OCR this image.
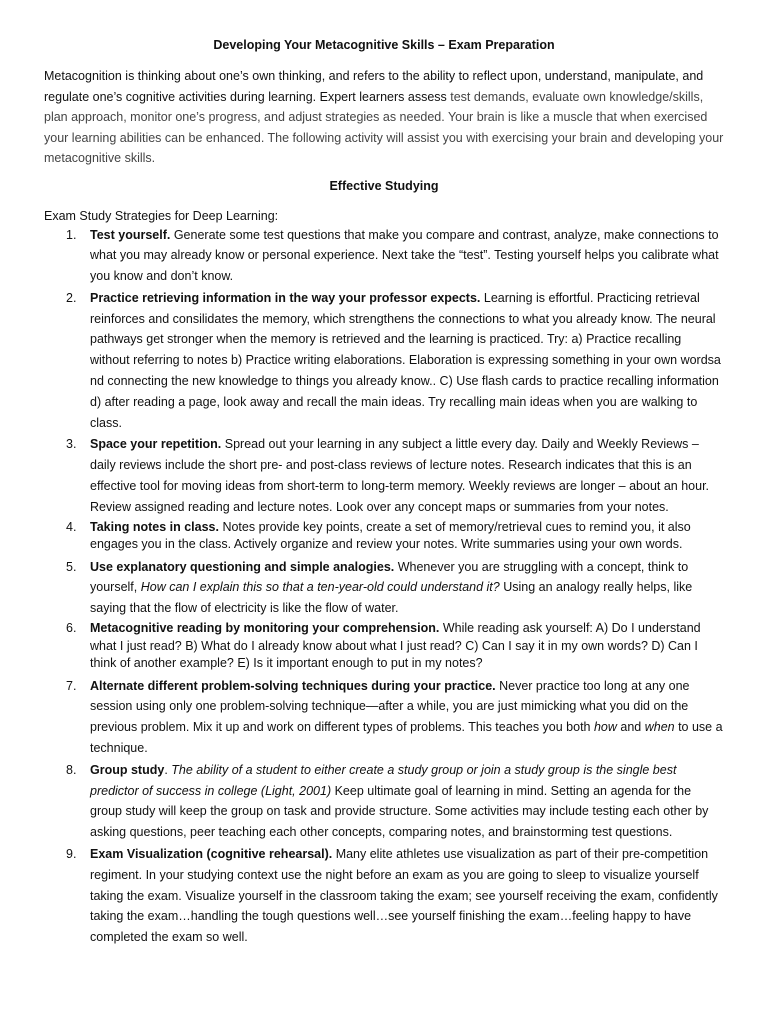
Developing Your Metacognitive Skills – Exam Preparation

Metacognition is thinking about one’s own thinking, and refers to the ability to reflect upon, understand, manipulate, and regulate one’s cognitive activities during learning. Expert learners assess test demands, evaluate own knowledge/skills, plan approach, monitor one’s progress, and adjust strategies as needed. Your brain is like a muscle that when exercised your learning abilities can be enhanced. The following activity will assist you with exercising your brain and developing your metacognitive skills.

Effective Studying
Exam Study Strategies for Deep Learning:
1. Test yourself. Generate some test questions that make you compare and contrast, analyze, make connections to what you may already know or personal experience. Next take the “test”. Testing yourself helps you calibrate what you know and don’t know.
2. Practice retrieving information in the way your professor expects. Learning is effortful. Practicing retrieval reinforces and consilidates the memory, which strengthens the connections to what you already know. The neural pathways get stronger when the memory is retrieved and the learning is practiced. Try: a) Practice recalling without referring to notes b) Practice writing elaborations. Elaboration is expressing something in your own wordsa nd connecting the new knowledge to things you already know.. C) Use flash cards to practice recalling information d) after reading a page, look away and recall the main ideas. Try recalling main ideas when you are walking to class.
3. Space your repetition. Spread out your learning in any subject a little every day. Daily and Weekly Reviews – daily reviews include the short pre- and post-class reviews of lecture notes. Research indicates that this is an effective tool for moving ideas from short-term to long-term memory. Weekly reviews are longer – about an hour. Review assigned reading and lecture notes. Look over any concept maps or summaries from your notes.
4. Taking notes in class. Notes provide key points, create a set of memory/retrieval cues to remind you, it also engages you in the class. Actively organize and review your notes. Write summaries using your own words.
5. Use explanatory questioning and simple analogies. Whenever you are struggling with a concept, think to yourself, How can I explain this so that a ten-year-old could understand it? Using an analogy really helps, like saying that the flow of electricity is like the flow of water.
6. Metacognitive reading by monitoring your comprehension. While reading ask yourself: A) Do I understand what I just read? B) What do I already know about what I just read? C) Can I say it in my own words? D) Can I think of another example? E) Is it important enough to put in my notes?
7. Alternate different problem-solving techniques during your practice. Never practice too long at any one session using only one problem-solving technique—after a while, you are just mimicking what you did on the previous problem. Mix it up and work on different types of problems. This teaches you both how and when to use a technique.
8. Group study. The ability of a student to either create a study group or join a study group is the single best predictor of success in college (Light, 2001) Keep ultimate goal of learning in mind. Setting an agenda for the group study will keep the group on task and provide structure. Some activities may include testing each other by asking questions, peer teaching each other concepts, comparing notes, and brainstorming test questions.
9. Exam Visualization (cognitive rehearsal). Many elite athletes use visualization as part of their pre-competition regiment. In your studying context use the night before an exam as you are going to sleep to visualize yourself taking the exam. Visualize yourself in the classroom taking the exam; see yourself receiving the exam, confidently taking the exam…handling the tough questions well…see yourself finishing the exam…feeling happy to have completed the exam so well.
